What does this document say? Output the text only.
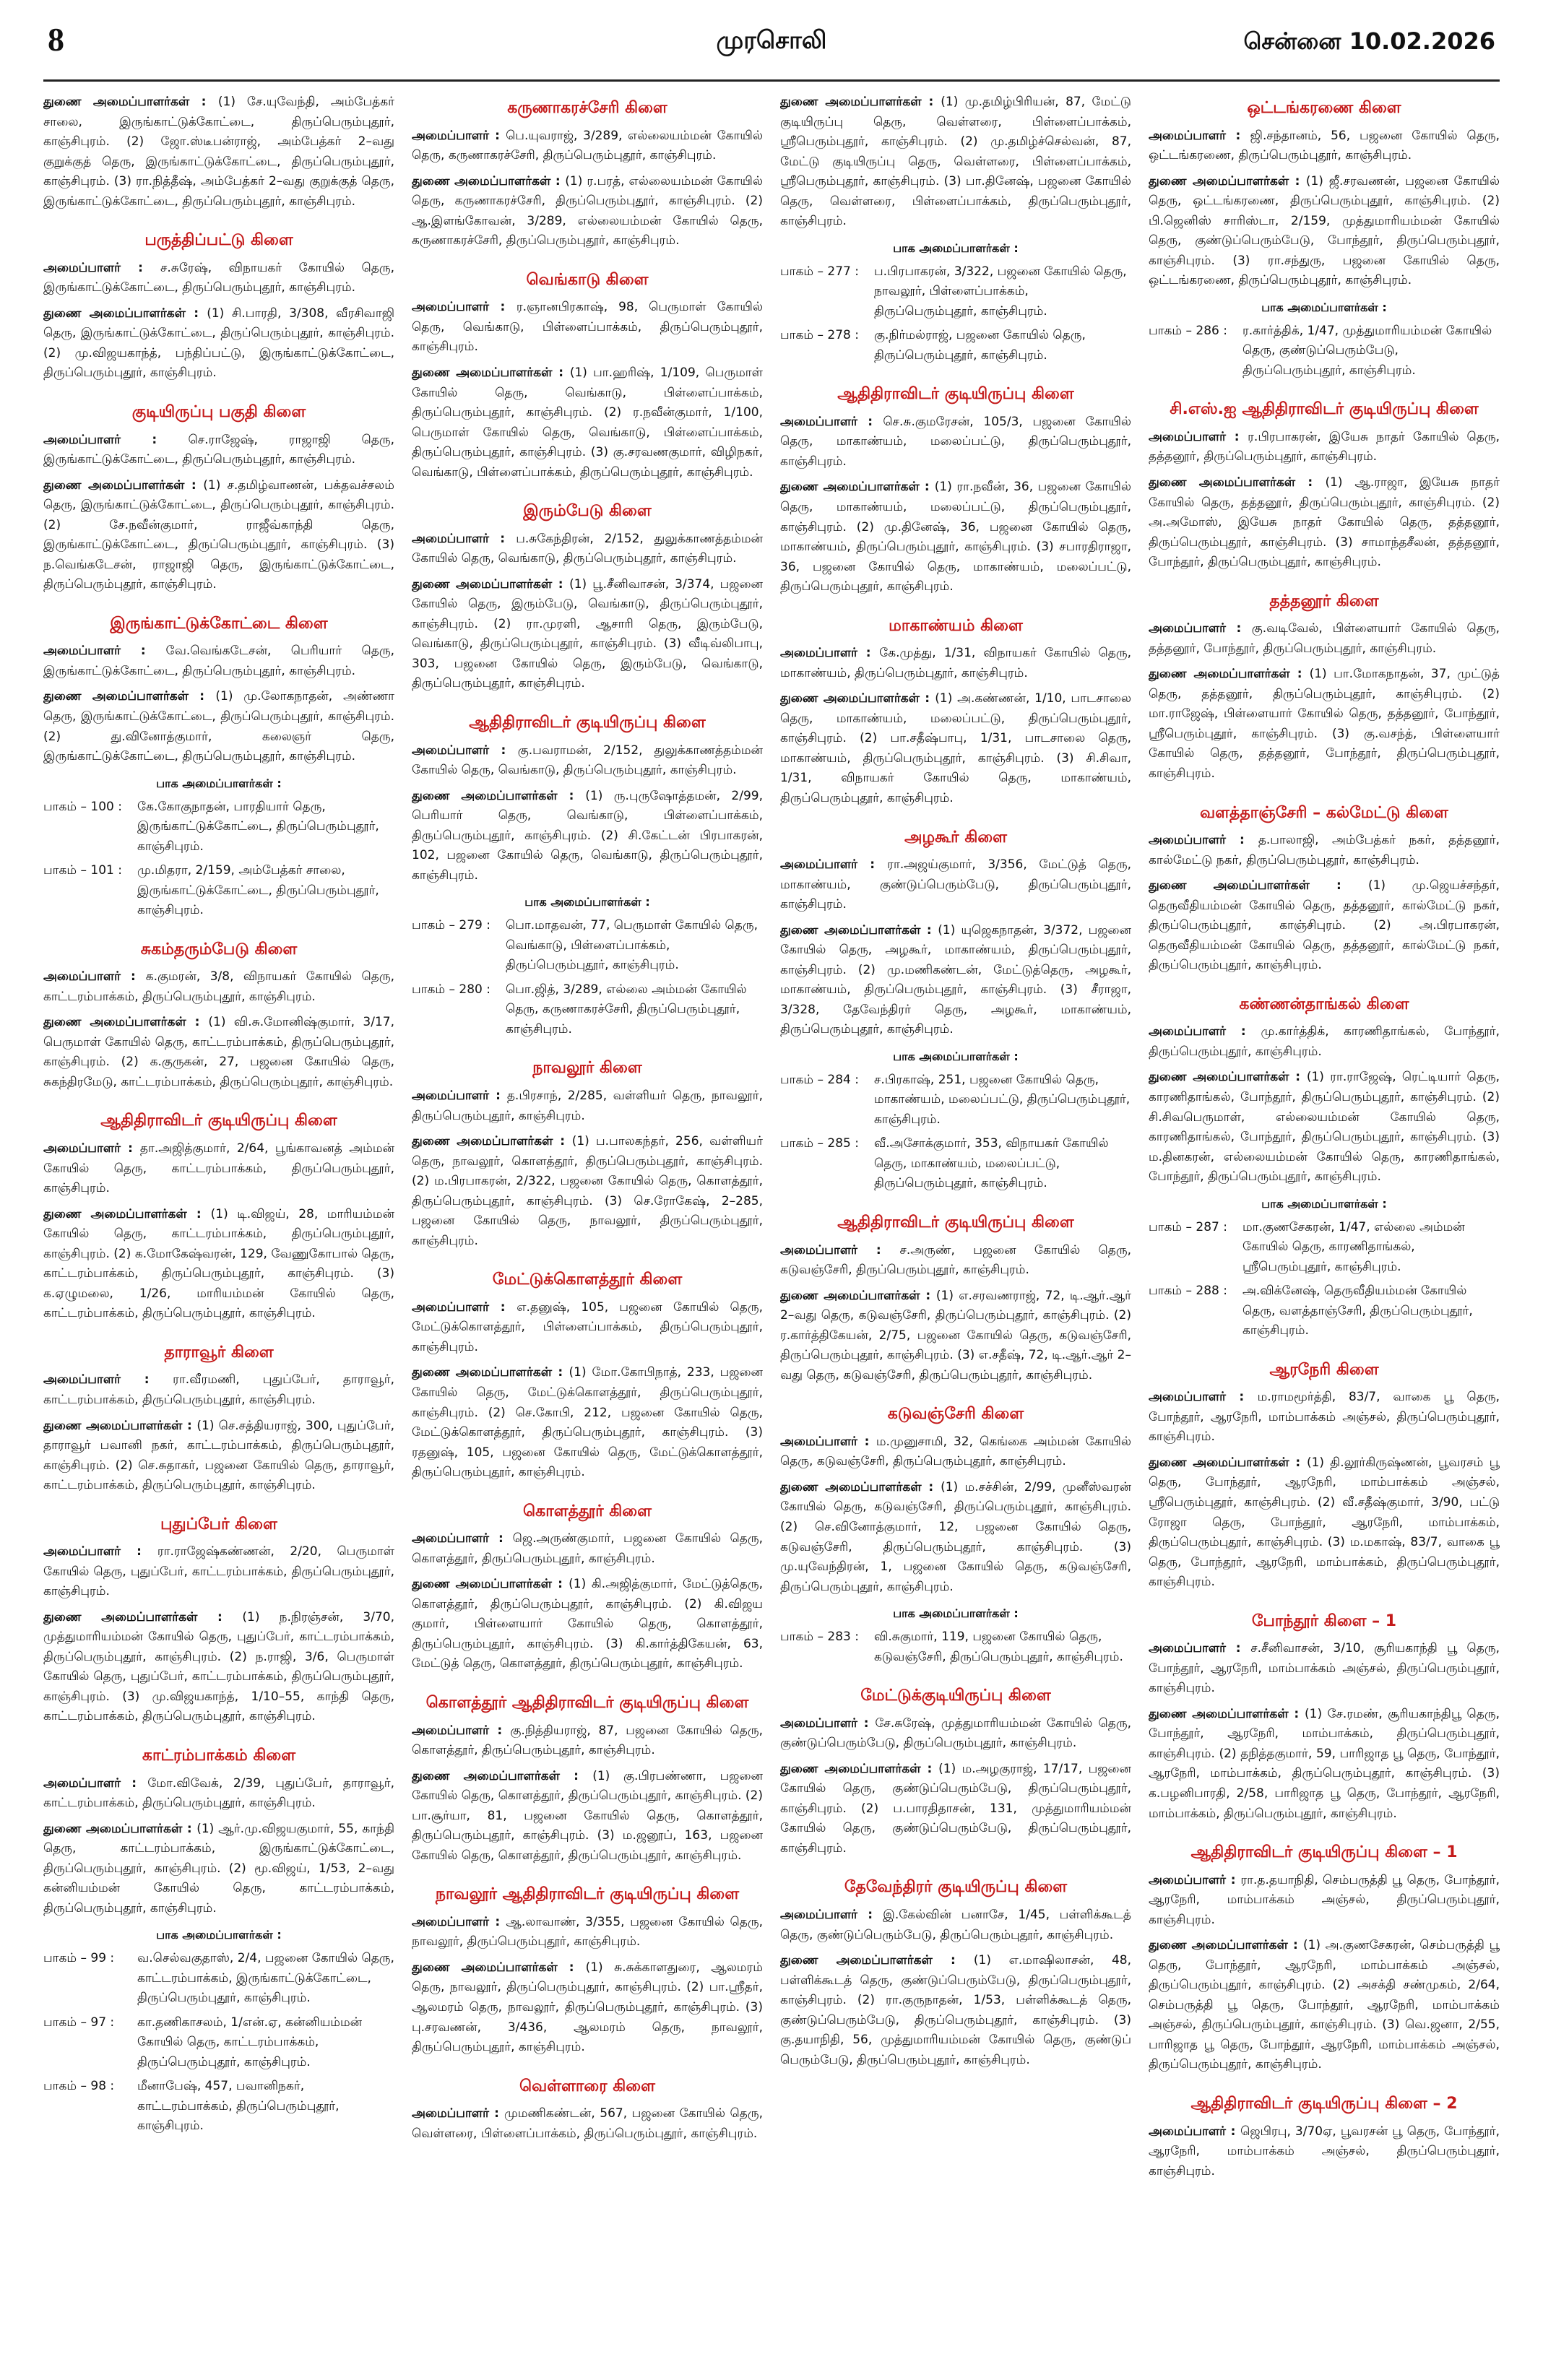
8	முரசொலி	சென்னை 10.02.2026
துணை அமைப்பாளர்கள் : (1) சே.யுவேந்தி, அம்பேத்கர் சாலை, இருங்காட்டுக்கோட்டை, திருப்பெரும்புதூர், காஞ்சிபுரம். (2) ஜோ.ஸ்டீபன்ராஜ், அம்பேத்கர் 2–வது குறுக்குத் தெரு, இருங்காட்டுக்கோட்டை, திருப்பெரும்புதூர், காஞ்சிபுரம். (3) ரா.நித்தீஷ், அம்பேத்கர் 2–வது குறுக்குத் தெரு, இருங்காட்டுக்கோட்டை, திருப்பெரும்புதூர், காஞ்சிபுரம்.
பருத்திப்பட்டு கிளை
அமைப்பாளர் :	ச.சுரேஷ், விநாயகர் கோயில் தெரு, இருங்காட்டுக்கோட்டை, திருப்பெரும்புதூர், காஞ்சிபுரம்.
துணை அமைப்பாளர்கள் : (1) சி.பாரதி, 3/308, வீரசிவாஜி தெரு, இருங்காட்டுக்கோட்டை, திருப்பெரும்புதூர், காஞ்சிபுரம். (2) மு.விஜயகாந்த், பந்திப்பட்டு, இருங்காட்டுக்கோட்டை, திருப்பெரும்புதூர், காஞ்சிபுரம்.
குடியிருப்பு பகுதி கிளை
அமைப்பாளர் :	செ.ராஜேஷ், ராஜாஜி தெரு, இருங்காட்டுக்கோட்டை, திருப்பெரும்புதூர், காஞ்சிபுரம்.
துணை அமைப்பாளர்கள் : (1) ச.தமிழ்வாணன், பக்தவச்சலம் தெரு, இருங்காட்டுக்கோட்டை, திருப்பெரும்புதூர், காஞ்சிபுரம். (2) சே.நவீன்குமார், ராஜீவ்காந்தி தெரு, இருங்காட்டுக்கோட்டை, திருப்பெரும்புதூர், காஞ்சிபுரம். (3) ந.வெங்கடேசன், ராஜாஜி தெரு, இருங்காட்டுக்கோட்டை, திருப்பெரும்புதூர், காஞ்சிபுரம்.
இருங்காட்டுக்கோட்டை கிளை
அமைப்பாளர் :	வே.வெங்கடேசன், பெரியார் தெரு, இருங்காட்டுக்கோட்டை, திருப்பெரும்புதூர், காஞ்சிபுரம்.
துணை அமைப்பாளர்கள் : (1) மு.லோகநாதன், அண்ணா தெரு, இருங்காட்டுக்கோட்டை, திருப்பெரும்புதூர், காஞ்சிபுரம். (2) து.வினோத்குமார், கலைஞர் தெரு, இருங்காட்டுக்கோட்டை, திருப்பெரும்புதூர், காஞ்சிபுரம்.
பாக அமைப்பாளர்கள் :
பாகம் – 100 :	கே.கோகுநாதன், பாரதியார் தெரு, இருங்காட்டுக்கோட்டை, திருப்பெரும்புதூர், காஞ்சிபுரம்.
பாகம் – 101 :	மு.மிதரா, 2/159, அம்பேத்கர் சாலை, இருங்காட்டுக்கோட்டை, திருப்பெரும்புதூர், காஞ்சிபுரம்.
சுகம்தரும்பேடு கிளை
அமைப்பாளர் : க.குமரன், 3/8, விநாயகர் கோயில் தெரு, காட்டரம்பாக்கம், திருப்பெரும்புதூர், காஞ்சிபுரம்.
துணை அமைப்பாளர்கள் : (1) வி.சு.மோனிஷ்குமார், 3/17, பெருமாள் கோயில் தெரு, காட்டரம்பாக்கம், திருப்பெரும்புதூர், காஞ்சிபுரம். (2) க.குருகன், 27, பஜனை கோயில் தெரு, சுகந்திரமேடு, காட்டரம்பாக்கம், திருப்பெரும்புதூர், காஞ்சிபுரம்.
ஆதிதிராவிடர் குடியிருப்பு கிளை
அமைப்பாளர் : தா.அஜித்குமார், 2/64, பூங்காவனத் அம்மன் கோயில் தெரு, காட்டரம்பாக்கம், திருப்பெரும்புதூர், காஞ்சிபுரம்.
துணை அமைப்பாளர்கள் : (1) டி.விஜய், 28, மாரியம்மன் கோயில் தெரு, காட்டரம்பாக்கம், திருப்பெரும்புதூர், காஞ்சிபுரம். (2) க.மோகேஷ்வரன், 129, வேணுகோபால் தெரு, காட்டரம்பாக்கம், திருப்பெரும்புதூர், காஞ்சிபுரம். (3) க.ஏழுமலை, 1/26, மாரியம்மன் கோயில் தெரு, காட்டரம்பாக்கம், திருப்பெரும்புதூர், காஞ்சிபுரம்.
தாராவூர் கிளை
அமைப்பாளர் :	ரா.வீரமணி, புதுப்பேர், தாராவூர், காட்டரம்பாக்கம், திருப்பெரும்புதூர், காஞ்சிபுரம்.
துணை அமைப்பாளர்கள் : (1) செ.சத்தியராஜ், 300, புதுப்பேர், தாராவூர் பவானி நகர், காட்டரம்பாக்கம், திருப்பெரும்புதூர், காஞ்சிபுரம். (2) செ.சுதாகர், பஜனை கோயில் தெரு, தாராவூர், காட்டரம்பாக்கம், திருப்பெரும்புதூர், காஞ்சிபுரம்.
புதுப்பேர் கிளை
அமைப்பாளர் :	ரா.ராஜேஷ்கண்ணன், 2/20, பெருமாள் கோயில் தெரு, புதுப்பேர், காட்டரம்பாக்கம், திருப்பெரும்புதூர், காஞ்சிபுரம்.
துணை அமைப்பாளர்கள் :	(1) ந.நிரஞ்சன், 3/70, முத்துமாரியம்மன் கோயில் தெரு, புதுப்பேர், காட்டரம்பாக்கம், திருப்பெரும்புதூர், காஞ்சிபுரம். (2) ந.ராஜி, 3/6, பெருமாள் கோயில் தெரு, புதுப்பேர், காட்டரம்பாக்கம், திருப்பெரும்புதூர், காஞ்சிபுரம். (3) மு.விஜயகாந்த், 1/10–55, காந்தி தெரு, காட்டரம்பாக்கம், திருப்பெரும்புதூர், காஞ்சிபுரம்.
காட்ரம்பாக்கம் கிளை
அமைப்பாளர் : மோ.விவேக், 2/39, புதுப்பேர், தாராவூர், காட்டரம்பாக்கம், திருப்பெரும்புதூர், காஞ்சிபுரம்.
துணை அமைப்பாளர்கள் : (1) ஆர்.மு.விஜயகுமார், 55, காந்தி தெரு, காட்டரம்பாக்கம், இருங்காட்டுக்கோட்டை, திருப்பெரும்புதூர், காஞ்சிபுரம். (2) மூ.விஜய், 1/53, 2–வது கன்னியம்மன் கோயில் தெரு, காட்டரம்பாக்கம், திருப்பெரும்புதூர், காஞ்சிபுரம்.
பாக அமைப்பாளர்கள் :
பாகம் – 99 :	வ.செல்வகுதாஸ், 2/4, பஜனை கோயில் தெரு, காட்டரம்பாக்கம், இருங்காட்டுக்கோட்டை, திருப்பெரும்புதூர், காஞ்சிபுரம்.
பாகம் – 97 :	கா.தணிகாசலம், 1/என்.ஏ, கன்னியம்மன் கோயில் தெரு, காட்டரம்பாக்கம், திருப்பெரும்புதூர், காஞ்சிபுரம்.
பாகம் – 98 :	மீனாபேஷ், 457, பவானிநகர், காட்டரம்பாக்கம், திருப்பெரும்புதூர், காஞ்சிபுரம்.
கருணாகரச்சேரி கிளை
அமைப்பாளர் : பெ.யுவராஜ், 3/289, எல்லையம்மன் கோயில் தெரு, கருணாகரச்சேரி, திருப்பெரும்புதூர், காஞ்சிபுரம்.
துணை அமைப்பாளர்கள் : (1) ர.பரத், எல்லையம்மன் கோயில் தெரு, கருணாகரச்சேரி, திருப்பெரும்புதூர், காஞ்சிபுரம். (2) ஆ.இளங்கோவன், 3/289, எல்லையம்மன் கோயில் தெரு, கருணாகரச்சேரி, திருப்பெரும்புதூர், காஞ்சிபுரம்.
வெங்காடு கிளை
அமைப்பாளர் : ர.ஞானபிரகாஷ், 98, பெருமாள் கோயில் தெரு, வெங்காடு, பிள்ளைப்பாக்கம், திருப்பெரும்புதூர், காஞ்சிபுரம்.
துணை அமைப்பாளர்கள் : (1) பா.ஹரிஷ், 1/109, பெருமாள் கோயில் தெரு, வெங்காடு, பிள்ளைப்பாக்கம், திருப்பெரும்புதூர், காஞ்சிபுரம். (2) ர.நவீன்குமார், 1/100, பெருமாள் கோயில் தெரு, வெங்காடு, பிள்ளைப்பாக்கம், திருப்பெரும்புதூர், காஞ்சிபுரம். (3) கு.சரவணகுமார், விழிநகர், வெங்காடு, பிள்ளைப்பாக்கம், திருப்பெரும்புதூர், காஞ்சிபுரம்.
இரும்பேடு கிளை
அமைப்பாளர் : ப.சுகேந்திரன், 2/152, துலுக்காணத்தம்மன் கோயில் தெரு, வெங்காடு, திருப்பெரும்புதூர், காஞ்சிபுரம்.
துணை அமைப்பாளர்கள் : (1) பூ.சீனிவாசன், 3/374, பஜனை கோயில் தெரு, இரும்பேடு, வெங்காடு, திருப்பெரும்புதூர், காஞ்சிபுரம். (2) ரா.முரளி, ஆசாரி தெரு, இரும்பேடு, வெங்காடு, திருப்பெரும்புதூர், காஞ்சிபுரம். (3) வீடிவ்லிபாபு, 303, பஜனை கோயில் தெரு, இரும்பேடு, வெங்காடு, திருப்பெரும்புதூர், காஞ்சிபுரம்.
ஆதிதிராவிடர் குடியிருப்பு கிளை
அமைப்பாளர் : கு.பவராமன், 2/152, துலுக்காணத்தம்மன் கோயில் தெரு, வெங்காடு, திருப்பெரும்புதூர், காஞ்சிபுரம்.
துணை அமைப்பாளர்கள் : (1) ரு.புருஷோத்தமன், 2/99, பெரியார் தெரு, வெங்காடு, பிள்ளைப்பாக்கம், திருப்பெரும்புதூர், காஞ்சிபுரம். (2) சி.கேட்டன் பிரபாகரன், 102, பஜனை கோயில் தெரு, வெங்காடு, திருப்பெரும்புதூர், காஞ்சிபுரம்.
பாக அமைப்பாளர்கள் :
பாகம் – 279 :	பொ.மாதவன், 77, பெருமாள் கோயில் தெரு, வெங்காடு, பிள்ளைப்பாக்கம், திருப்பெரும்புதூர், காஞ்சிபுரம்.
பாகம் – 280 :	பொ.ஜித், 3/289, எல்லை அம்மன் கோயில் தெரு, கருணாகரச்சேரி, திருப்பெரும்புதூர், காஞ்சிபுரம்.
நாவலூர் கிளை
அமைப்பாளர் : த.பிரசாந், 2/285, வள்ளியர் தெரு, நாவலூர், திருப்பெரும்புதூர், காஞ்சிபுரம்.
துணை அமைப்பாளர்கள் : (1) ப.பாலகந்தர், 256, வள்ளியர் தெரு, நாவலூர், கொளத்தூர், திருப்பெரும்புதூர், காஞ்சிபுரம். (2) ம.பிரபாகரன், 2/322, பஜனை கோயில் தெரு, கொளத்தூர், திருப்பெரும்புதூர், காஞ்சிபுரம். (3) செ.ரோகேஷ், 2–285, பஜனை கோயில் தெரு, நாவலூர், திருப்பெரும்புதூர், காஞ்சிபுரம்.
மேட்டுக்கொளத்தூர் கிளை
அமைப்பாளர் : எ.தனுஷ், 105, பஜனை கோயில் தெரு, மேட்டுக்கொளத்தூர், பிள்ளைப்பாக்கம், திருப்பெரும்புதூர், காஞ்சிபுரம்.
துணை அமைப்பாளர்கள் : (1) மோ.கோபிநாத், 233, பஜனை கோயில் தெரு, மேட்டுக்கொளத்தூர், திருப்பெரும்புதூர், காஞ்சிபுரம். (2) செ.கோபி, 212, பஜனை கோயில் தெரு, மேட்டுக்கொளத்தூர், திருப்பெரும்புதூர், காஞ்சிபுரம். (3) ரதனுஷ், 105, பஜனை கோயில் தெரு, மேட்டுக்கொளத்தூர், திருப்பெரும்புதூர், காஞ்சிபுரம்.
கொளத்தூர் கிளை
அமைப்பாளர் : ஜெ.அருண்குமார், பஜனை கோயில் தெரு, கொளத்தூர், திருப்பெரும்புதூர், காஞ்சிபுரம்.
துணை அமைப்பாளர்கள் : (1) கி.அஜித்குமார், மேட்டுத்தெரு, கொளத்தூர், திருப்பெரும்புதூர், காஞ்சிபுரம். (2) கி.விஜய குமார், பிள்ளையார் கோயில் தெரு, கொளத்தூர், திருப்பெரும்புதூர், காஞ்சிபுரம். (3) கி.கார்த்திகேயன், 63, மேட்டுத் தெரு, கொளத்தூர், திருப்பெரும்புதூர், காஞ்சிபுரம்.
கொளத்தூர் ஆதிதிராவிடர் குடியிருப்பு கிளை
அமைப்பாளர் : கு.நித்தியராஜ், 87, பஜனை கோயில் தெரு, கொளத்தூர், திருப்பெரும்புதூர், காஞ்சிபுரம்.
துணை அமைப்பாளர்கள் :	(1) கு.பிரபண்ணா, பஜனை கோயில் தெரு, கொளத்தூர், திருப்பெரும்புதூர், காஞ்சிபுரம். (2) பா.சூர்யா, 81, பஜனை கோயில் தெரு, கொளத்தூர், திருப்பெரும்புதூர், காஞ்சிபுரம். (3) ம.ஜனூப், 163, பஜனை கோயில் தெரு, கொளத்தூர், திருப்பெரும்புதூர், காஞ்சிபுரம்.
நாவலூர் ஆதிதிராவிடர் குடியிருப்பு கிளை
அமைப்பாளர் : ஆ.லாவாண், 3/355, பஜனை கோயில் தெரு, நாவலூர், திருப்பெரும்புதூர், காஞ்சிபுரம்.
துணை அமைப்பாளர்கள் : (1) சு.சுக்காளதுரை, ஆலமரம் தெரு, நாவலூர், திருப்பெரும்புதூர், காஞ்சிபுரம். (2) பா.ஸ்ரீதர், ஆலமரம் தெரு, நாவலூர், திருப்பெரும்புதூர், காஞ்சிபுரம். (3) பு.சரவணன், 3/436, ஆலமரம் தெரு, நாவலூர், திருப்பெரும்புதூர், காஞ்சிபுரம்.
வெள்ளாரை கிளை
அமைப்பாளர் : முமணிகண்டன், 567, பஜனை கோயில் தெரு, வெள்ளரை, பிள்ளைப்பாக்கம், திருப்பெரும்புதூர், காஞ்சிபுரம்.
துணை அமைப்பாளர்கள் : (1) மு.தமிழ்பிரியன், 87, மேட்டு குடியிருப்பு தெரு, வெள்ளரை, பிள்ளைப்பாக்கம், ஸ்ரீபெரும்புதூர், காஞ்சிபுரம். (2) மு.தமிழ்ச்செல்வன், 87, மேட்டு குடியிருப்பு தெரு, வெள்ளரை, பிள்ளைப்பாக்கம், ஸ்ரீபெரும்புதூர், காஞ்சிபுரம். (3) பா.தினேஷ், பஜனை கோயில் தெரு, வெள்ளரை, பிள்ளைப்பாக்கம், திருப்பெரும்புதூர், காஞ்சிபுரம்.
பாக அமைப்பாளர்கள் :
பாகம் – 277 :	ப.பிரபாகரன், 3/322, பஜனை கோயில் தெரு, நாவலூர், பிள்ளைப்பாக்கம், திருப்பெரும்புதூர், காஞ்சிபுரம்.
பாகம் – 278 :	கு.நிர்மல்ராஜ், பஜனை கோயில் தெரு, திருப்பெரும்புதூர், காஞ்சிபுரம்.
ஆதிதிராவிடர் குடியிருப்பு கிளை
அமைப்பாளர் : செ.சு.குமரேசன், 105/3, பஜனை கோயில் தெரு, மாகாண்யம், மலைப்பட்டு, திருப்பெரும்புதூர், காஞ்சிபுரம்.
துணை அமைப்பாளர்கள் : (1) ரா.நவீன், 36, பஜனை கோயில் தெரு, மாகாண்யம், மலைப்பட்டு, திருப்பெரும்புதூர், காஞ்சிபுரம். (2) மு.தினேஷ், 36, பஜனை கோயில் தெரு, மாகாண்யம், திருப்பெரும்புதூர், காஞ்சிபுரம். (3) சபாரதிராஜா, 36, பஜனை கோயில் தெரு, மாகாண்யம், மலைப்பட்டு, திருப்பெரும்புதூர், காஞ்சிபுரம்.
மாகாண்யம் கிளை
அமைப்பாளர் : கே.முத்து, 1/31, விநாயகர் கோயில் தெரு, மாகாண்யம், திருப்பெரும்புதூர், காஞ்சிபுரம்.
துணை அமைப்பாளர்கள் : (1) அ.கண்ணன், 1/10, பாடசாலை தெரு, மாகாண்யம், மலைப்பட்டு, திருப்பெரும்புதூர், காஞ்சிபுரம். (2) பா.சதீஷ்பாபு, 1/31, பாடசாலை தெரு, மாகாண்யம், திருப்பெரும்புதூர், காஞ்சிபுரம். (3) சி.சிவா, 1/31, விநாயகர் கோயில் தெரு, மாகாண்யம், திருப்பெரும்புதூர், காஞ்சிபுரம்.
அழகூர் கிளை
அமைப்பாளர் : ரா.அஜய்குமார், 3/356, மேட்டுத் தெரு, மாகாண்யம், குண்டுப்பெரும்பேடு, திருப்பெரும்புதூர், காஞ்சிபுரம்.
துணை அமைப்பாளர்கள் : (1) யுஜெகநாதன், 3/372, பஜனை கோயில் தெரு, அழகூர், மாகாண்யம், திருப்பெரும்புதூர், காஞ்சிபுரம். (2) மு.மணிகண்டன், மேட்டுத்தெரு, அழகூர், மாகாண்யம், திருப்பெரும்புதூர், காஞ்சிபுரம். (3) சீராஜா, 3/328, தேவேந்திரர் தெரு, அழகூர், மாகாண்யம், திருப்பெரும்புதூர், காஞ்சிபுரம்.
பாக அமைப்பாளர்கள் :
பாகம் – 284 :	ச.பிரகாஷ், 251, பஜனை கோயில் தெரு, மாகாண்யம், மலைப்பட்டு, திருப்பெரும்புதூர், காஞ்சிபுரம்.
பாகம் – 285 :	வீ.அசோக்குமார், 353, விநாயகர் கோயில் தெரு, மாகாண்யம், மலைப்பட்டு, திருப்பெரும்புதூர், காஞ்சிபுரம்.
ஆதிதிராவிடர் குடியிருப்பு கிளை
அமைப்பாளர் :	ச.அருண், பஜனை கோயில் தெரு, கடுவஞ்சேரி, திருப்பெரும்புதூர், காஞ்சிபுரம்.
துணை அமைப்பாளர்கள் : (1) எ.சரவணராஜ், 72, டி.ஆர்.ஆர் 2–வது தெரு, கடுவஞ்சேரி, திருப்பெரும்புதூர், காஞ்சிபுரம். (2) ர.கார்த்திகேயன், 2/75, பஜனை கோயில் தெரு, கடுவஞ்சேரி, திருப்பெரும்புதூர், காஞ்சிபுரம். (3) எ.சதீஷ், 72, டி.ஆர்.ஆர் 2–வது தெரு, கடுவஞ்சேரி, திருப்பெரும்புதூர், காஞ்சிபுரம்.
கடுவஞ்சேரி கிளை
அமைப்பாளர் : ம.முனுசாமி, 32, கெங்கை அம்மன் கோயில் தெரு, கடுவஞ்சேரி, திருப்பெரும்புதூர், காஞ்சிபுரம்.
துணை அமைப்பாளர்கள் : (1) ம.சச்சின், 2/99, முனீஸ்வரன் கோயில் தெரு, கடுவஞ்சேரி, திருப்பெரும்புதூர், காஞ்சிபுரம். (2) செ.வினோத்குமார், 12, பஜனை கோயில் தெரு, கடுவஞ்சேரி, திருப்பெரும்புதூர், காஞ்சிபுரம். (3) மு.யுவேந்திரன், 1, பஜனை கோயில் தெரு, கடுவஞ்சேரி, திருப்பெரும்புதூர், காஞ்சிபுரம்.
பாக அமைப்பாளர்கள் :
பாகம் – 283 :	வி.சுகுமார், 119, பஜனை கோயில் தெரு, கடுவஞ்சேரி, திருப்பெரும்புதூர், காஞ்சிபுரம்.
மேட்டுக்குடியிருப்பு கிளை
அமைப்பாளர் : சே.சுரேஷ், முத்துமாரியம்மன் கோயில் தெரு, குண்டுப்பெரும்பேடு, திருப்பெரும்புதூர், காஞ்சிபுரம்.
துணை அமைப்பாளர்கள் : (1) ம.அழகுராஜ், 17/17, பஜனை கோயில் தெரு, குண்டுப்பெரும்பேடு, திருப்பெரும்புதூர், காஞ்சிபுரம். (2) ப.பாரதிதாசன், 131, முத்துமாரியம்மன் கோயில் தெரு, குண்டுப்பெரும்பேடு, திருப்பெரும்புதூர், காஞ்சிபுரம்.
தேவேந்திரர் குடியிருப்பு கிளை
அமைப்பாளர் : இ.கேல்வின் பனாசே, 1/45, பள்ளிக்கூடத் தெரு, குண்டுப்பெரும்பேடு, திருப்பெரும்புதூர், காஞ்சிபுரம்.
துணை அமைப்பாளர்கள் :	(1) எ.மாஷிலாசன், 48, பள்ளிக்கூடத் தெரு, குண்டுப்பெரும்பேடு, திருப்பெரும்புதூர், காஞ்சிபுரம். (2) ரா.குருநாதன், 1/53, பள்ளிக்கூடத் தெரு, குண்டுப்பெரும்பேடு, திருப்பெரும்புதூர், காஞ்சிபுரம். (3) கு.தயாநிதி, 56, முத்துமாரியம்மன் கோயில் தெரு, குண்டுப் பெரும்பேடு, திருப்பெரும்புதூர், காஞ்சிபுரம்.
ஒட்டங்கரணை கிளை
அமைப்பாளர் : ஜி.சந்தானம், 56, பஜனை கோயில் தெரு, ஒட்டங்கரணை, திருப்பெரும்புதூர், காஞ்சிபுரம்.
துணை அமைப்பாளர்கள் : (1) ஜீ.சரவணன், பஜனை கோயில் தெரு, ஒட்டங்கரணை, திருப்பெரும்புதூர், காஞ்சிபுரம். (2) பி.ஜெனிஸ் சாரிஸ்டா, 2/159, முத்துமாரியம்மன் கோயில் தெரு, குண்டுப்பெரும்பேடு, போந்தூர், திருப்பெரும்புதூர், காஞ்சிபுரம். (3) ரா.சந்துரு, பஜனை கோயில் தெரு, ஒட்டங்கரணை, திருப்பெரும்புதூர், காஞ்சிபுரம்.
பாக அமைப்பாளர்கள் :
பாகம் – 286 :	ர.கார்த்திக், 1/47, முத்துமாரியம்மன் கோயில் தெரு, குண்டுப்பெரும்பேடு, திருப்பெரும்புதூர், காஞ்சிபுரம்.
சி.எஸ்.ஐ ஆதிதிராவிடர் குடியிருப்பு கிளை
அமைப்பாளர் : ர.பிரபாகரன், இயேசு நாதர் கோயில் தெரு, தத்தனூர், திருப்பெரும்புதூர், காஞ்சிபுரம்.
துணை அமைப்பாளர்கள் : (1) ஆ.ராஜா, இயேசு நாதர் கோயில் தெரு, தத்தனூர், திருப்பெரும்புதூர், காஞ்சிபுரம். (2) அ.அமோஸ், இயேசு நாதர் கோயில் தெரு, தத்தனூர், திருப்பெரும்புதூர், காஞ்சிபுரம். (3) சாமாந்தசீலன், தத்தனூர், போந்தூர், திருப்பெரும்புதூர், காஞ்சிபுரம்.
தத்தனூர் கிளை
அமைப்பாளர் : கு.வடிவேல், பிள்ளையார் கோயில் தெரு, தத்தனூர், போந்தூர், திருப்பெரும்புதூர், காஞ்சிபுரம்.
துணை அமைப்பாளர்கள் : (1) பா.மோகநாதன், 37, முட்டுத் தெரு, தத்தனூர், திருப்பெரும்புதூர், காஞ்சிபுரம். (2) மா.ராஜேஷ், பிள்ளையார் கோயில் தெரு, தத்தனூர், போந்தூர், ஸ்ரீபெரும்புதூர், காஞ்சிபுரம். (3) கு.வசந்த், பிள்ளையார் கோயில் தெரு, தத்தனூர், போந்தூர், திருப்பெரும்புதூர், காஞ்சிபுரம்.
வளத்தாஞ்சேரி – கல்மேட்டு கிளை
அமைப்பாளர் :	த.பாலாஜி, அம்பேத்கர் நகர், தத்தனூர், கால்மேட்டு நகர், திருப்பெரும்புதூர், காஞ்சிபுரம்.
துணை அமைப்பாளர்கள் :	(1) மு.ஜெயச்சந்தர், தெருவீதியம்மன் கோயில் தெரு, தத்தனூர், கால்மேட்டு நகர், திருப்பெரும்புதூர், காஞ்சிபுரம். (2) அ.பிரபாகரன், தெருவீதியம்மன் கோயில் தெரு, தத்தனூர், கால்மேட்டு நகர், திருப்பெரும்புதூர், காஞ்சிபுரம்.
கண்ணன்தாங்கல் கிளை
அமைப்பாளர் :	மு.கார்த்திக், காரணிதாங்கல், போந்தூர், திருப்பெரும்புதூர், காஞ்சிபுரம்.
துணை அமைப்பாளர்கள் : (1) ரா.ராஜேஷ், ரெட்டியார் தெரு, காரணிதாங்கல், போந்தூர், திருப்பெரும்புதூர், காஞ்சிபுரம். (2) சி.சிவபெருமாள், எல்லையம்மன் கோயில் தெரு, காரணிதாங்கல், போந்தூர், திருப்பெரும்புதூர், காஞ்சிபுரம். (3) ம.தினகரன், எல்லையம்மன் கோயில் தெரு, காரணிதாங்கல், போந்தூர், திருப்பெரும்புதூர், காஞ்சிபுரம்.
பாக அமைப்பாளர்கள் :
பாகம் – 287 :	மா.குணசேகரன், 1/47, எல்லை அம்மன் கோயில் தெரு, காரணிதாங்கல், ஸ்ரீபெரும்புதூர், காஞ்சிபுரம்.
பாகம் – 288 :	அ.விக்னேஷ், தெருவீதியம்மன் கோயில் தெரு, வளத்தாஞ்சேரி, திருப்பெரும்புதூர், காஞ்சிபுரம்.
ஆரநேரி கிளை
அமைப்பாளர் :	ம.ராமமூர்த்தி, 83/7, வாகை பூ தெரு, போந்தூர், ஆரநேரி, மாம்பாக்கம் அஞ்சல், திருப்பெரும்புதூர், காஞ்சிபுரம்.
துணை அமைப்பாளர்கள் : (1) தி.லூர்கிருஷ்ணன், பூவரசம் பூ தெரு, போந்தூர், ஆரநேரி, மாம்பாக்கம் அஞ்சல், ஸ்ரீபெரும்புதூர், காஞ்சிபுரம். (2) வீ.சதீஷ்குமார், 3/90, பட்டு ரோஜா தெரு, போந்தூர், ஆரநேரி, மாம்பாக்கம், திருப்பெரும்புதூர், காஞ்சிபுரம். (3) ம.மகாஷ், 83/7, வாகை பூ தெரு, போந்தூர், ஆரநேரி, மாம்பாக்கம், திருப்பெரும்புதூர், காஞ்சிபுரம்.
போந்தூர் கிளை – 1
அமைப்பாளர் : ச.சீனிவாசன், 3/10, சூரியகாந்தி பூ தெரு, போந்தூர், ஆரநேரி, மாம்பாக்கம் அஞ்சல், திருப்பெரும்புதூர், காஞ்சிபுரம்.
துணை அமைப்பாளர்கள் : (1) சே.ரமண், சூரியகாந்திபூ தெரு, போந்தூர், ஆரநேரி, மாம்பாக்கம், திருப்பெரும்புதூர், காஞ்சிபுரம். (2) தநித்தகுமார், 59, பாரிஜாத பூ தெரு, போந்தூர், ஆரநேரி, மாம்பாக்கம், திருப்பெரும்புதூர், காஞ்சிபுரம். (3) க.பழனிபாரதி, 2/58, பாரிஜாத பூ தெரு, போந்தூர், ஆரநேரி, மாம்பாக்கம், திருப்பெரும்புதூர், காஞ்சிபுரம்.
ஆதிதிராவிடர் குடியிருப்பு கிளை – 1
அமைப்பாளர் : ரா.த.தயாநிதி, செம்பருத்தி பூ தெரு, போந்தூர், ஆரநேரி, மாம்பாக்கம் அஞ்சல், திருப்பெரும்புதூர், காஞ்சிபுரம்.
துணை அமைப்பாளர்கள் : (1) அ.குணசேகரன், செம்பருத்தி பூ தெரு, போந்தூர், ஆரநேரி, மாம்பாக்கம் அஞ்சல், திருப்பெரும்புதூர், காஞ்சிபுரம். (2) அசக்தி சண்முகம், 2/64, செம்பருத்தி பூ தெரு, போந்தூர், ஆரநேரி, மாம்பாக்கம் அஞ்சல், திருப்பெரும்புதூர், காஞ்சிபுரம். (3) வெ.ஜனா, 2/55, பாரிஜாத பூ தெரு, போந்தூர், ஆரநேரி, மாம்பாக்கம் அஞ்சல், திருப்பெரும்புதூர், காஞ்சிபுரம்.
ஆதிதிராவிடர் குடியிருப்பு கிளை – 2
அமைப்பாளர் : ஜெபிரபு, 3/70ஏ, பூவரசன் பூ தெரு, போந்தூர், ஆரநேரி, மாம்பாக்கம் அஞ்சல், திருப்பெரும்புதூர், காஞ்சிபுரம்.
